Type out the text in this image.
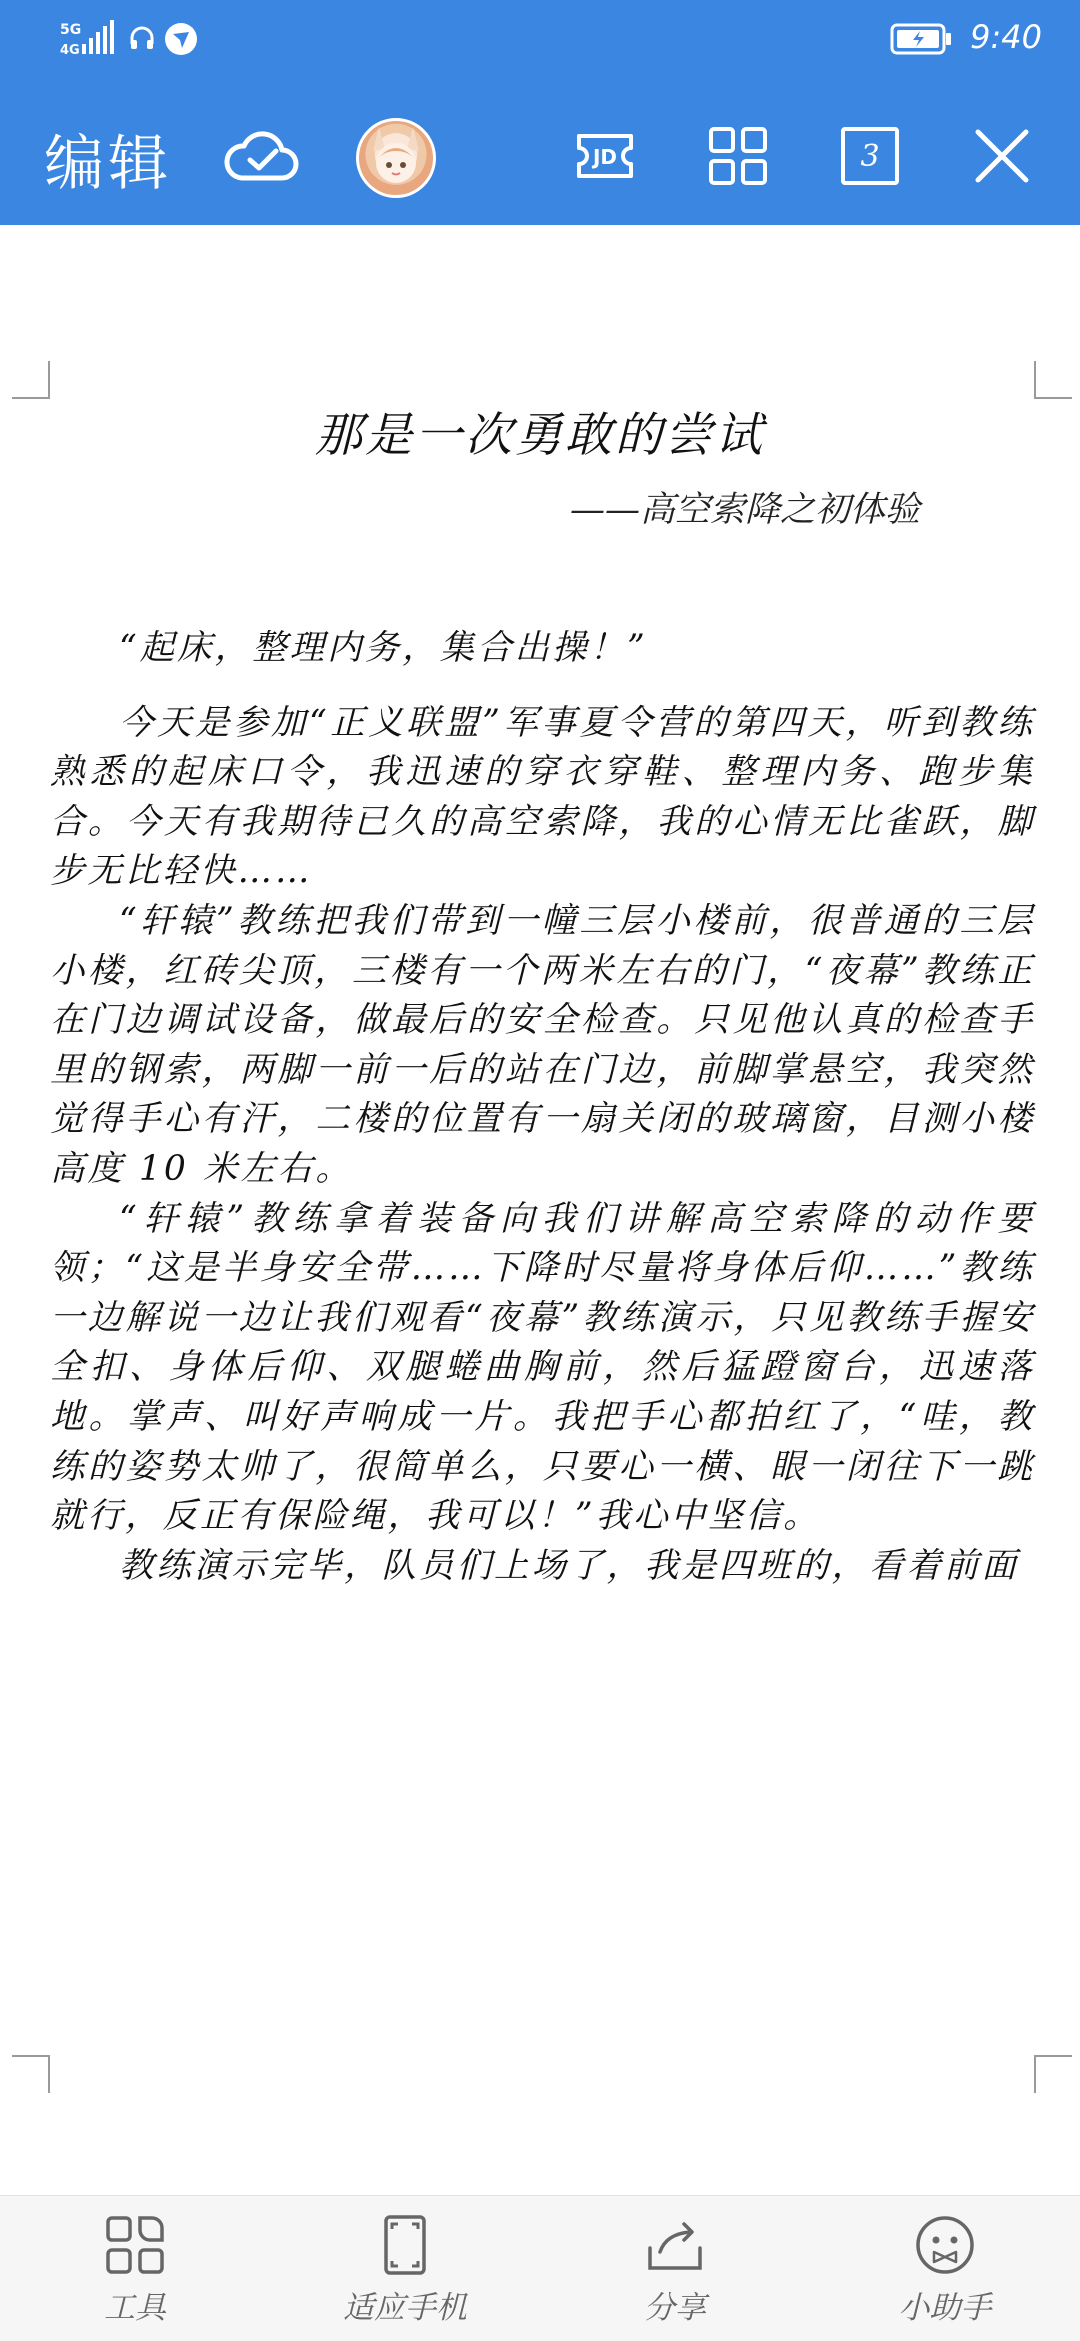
5G
4G	9:40
编辑	JD	3
那是一次勇敢的尝试
——高空索降之初体验

“起床，整理内务，集合出操！”

今天是参加“正义联盟”军事夏令营的第四天，听到教练熟悉的起床口令，我迅速的穿衣穿鞋、整理内务、跑步集合。今天有我期待已久的高空索降，我的心情无比雀跃，脚步无比轻快……

“轩辕”教练把我们带到一幢三层小楼前，很普通的三层小楼，红砖尖顶，三楼有一个两米左右的门，“夜幕”教练正在门边调试设备，做最后的安全检查。只见他认真的检查手里的钢索，两脚一前一后的站在门边，前脚掌悬空，我突然觉得手心有汗，二楼的位置有一扇关闭的玻璃窗，目测小楼高度 10 米左右。

“轩辕”教练拿着装备向我们讲解高空索降的动作要领；“这是半身安全带……下降时尽量将身体后仰……”教练一边解说一边让我们观看“夜幕”教练演示，只见教练手握安全扣、身体后仰、双腿蜷曲胸前，然后猛蹬窗台，迅速落地。掌声、叫好声响成一片。我把手心都拍红了，“哇，教练的姿势太帅了，很简单么，只要心一横、眼一闭往下一跳就行，反正有保险绳，我可以！”我心中坚信。

教练演示完毕，队员们上场了，我是四班的，看着前面

工具	适应手机	分享	小助手
